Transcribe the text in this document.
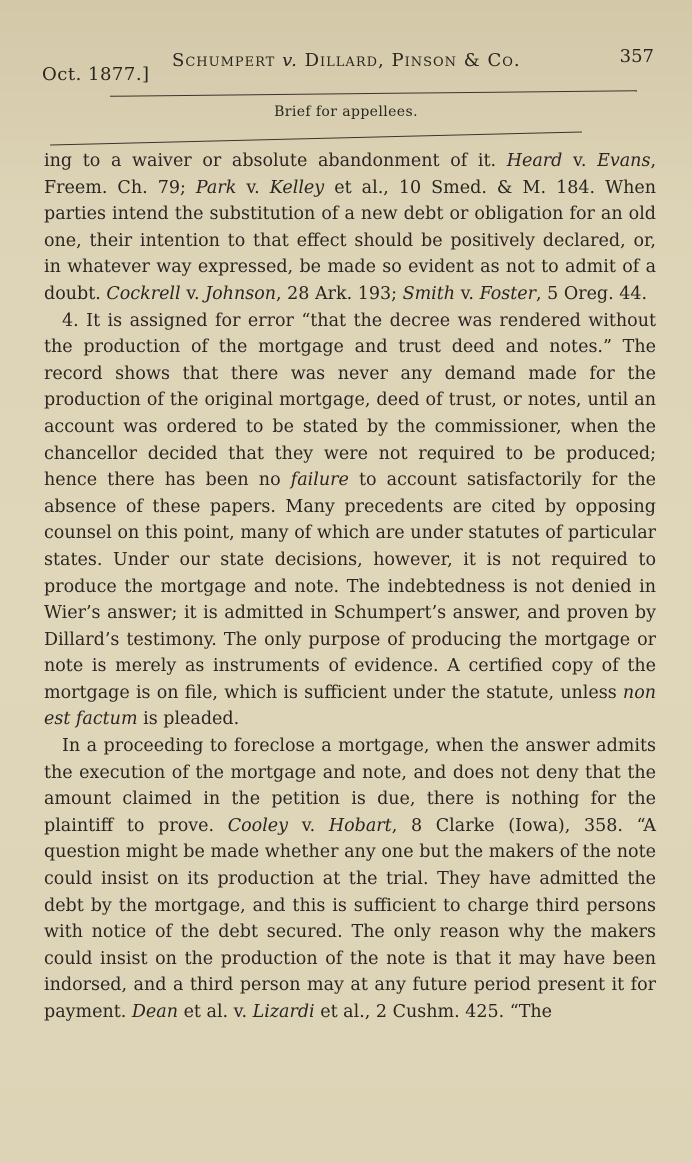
Oct. 1877.]
Schumpert v. Dillard, Pinson & Co.	357
Brief for appellees.

ing to a waiver or absolute abandonment of it. Heard v. Evans, Freem. Ch. 79; Park v. Kelley et al., 10 Smed. & M. 184. When parties intend the substitution of a new debt or obligation for an old one, their intention to that effect should be positively declared, or, in whatever way expressed, be made so evident as not to admit of a doubt. Cockrell v. Johnson, 28 Ark. 193; Smith v. Foster, 5 Oreg. 44.

4. It is assigned for error “that the decree was rendered without the production of the mortgage and trust deed and notes.” The record shows that there was never any demand made for the production of the original mortgage, deed of trust, or notes, until an account was ordered to be stated by the commissioner, when the chancellor decided that they were not required to be produced; hence there has been no failure to account satisfactorily for the absence of these papers. Many precedents are cited by opposing counsel on this point, many of which are under statutes of particular states. Under our state decisions, however, it is not required to produce the mortgage and note. The indebtedness is not denied in Wier’s answer; it is admitted in Schumpert’s answer, and proven by Dillard’s testimony. The only purpose of producing the mortgage or note is merely as instruments of evidence. A certified copy of the mortgage is on file, which is sufficient under the statute, unless non est factum is pleaded.

In a proceeding to foreclose a mortgage, when the answer admits the execution of the mortgage and note, and does not deny that the amount claimed in the petition is due, there is nothing for the plaintiff to prove. Cooley v. Hobart, 8 Clarke (Iowa), 358. “A question might be made whether any one but the makers of the note could insist on its production at the trial. They have admitted the debt by the mortgage, and this is sufficient to charge third persons with notice of the debt secured. The only reason why the makers could insist on the production of the note is that it may have been indorsed, and a third person may at any future period present it for payment. Dean et al. v. Lizardi et al., 2 Cushm. 425. “The
